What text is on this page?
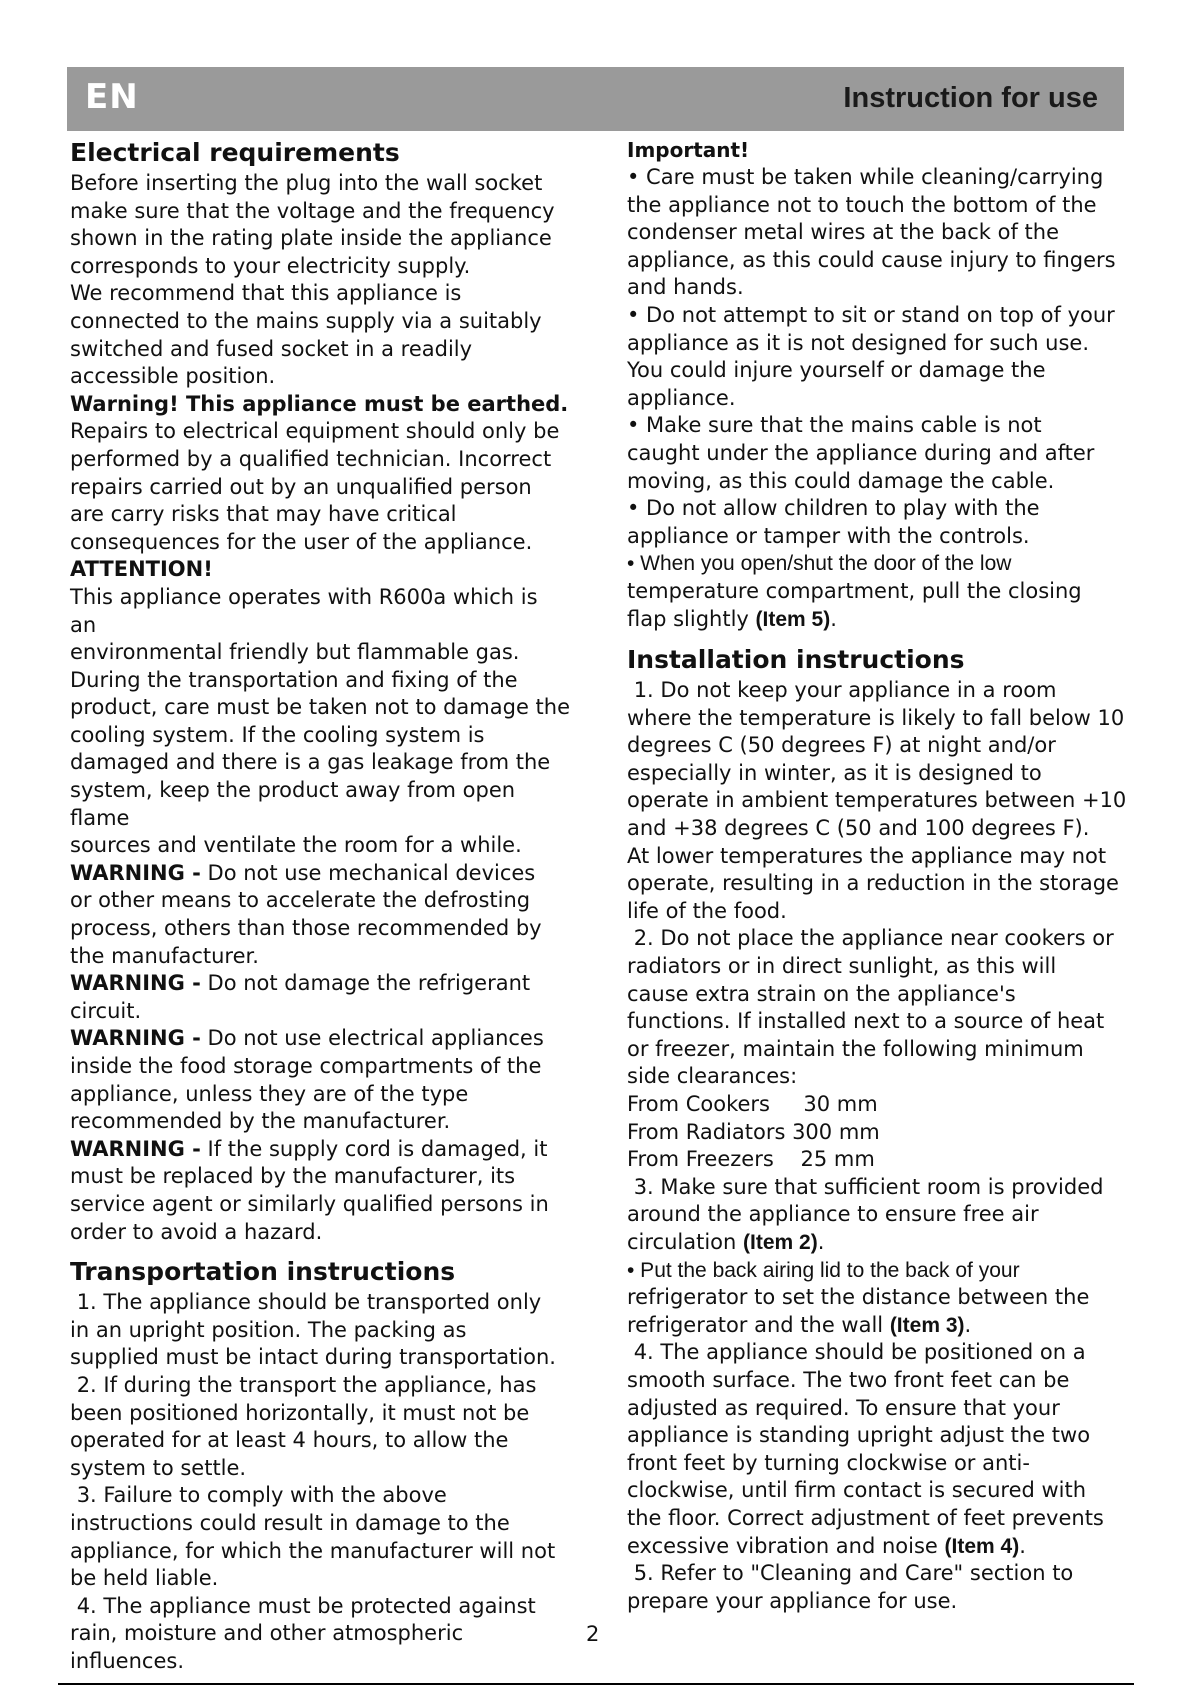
EN	Instruction for use
Electrical requirements

Before inserting the plug into the wall socket
make sure that the voltage and the frequency
shown in the rating plate inside the appliance
corresponds to your electricity supply.
We recommend that this appliance is
connected to the mains supply via a suitably
switched and fused socket in a readily
accessible position.

Warning! This appliance must be earthed.

Repairs to electrical equipment should only be
performed by a qualified technician. Incorrect
repairs carried out by an unqualified person
are carry risks that may have critical
consequences for the user of the appliance.

ATTENTION!

This appliance operates with R600a which is an
environmental friendly but flammable gas.
During the transportation and fixing of the
product, care must be taken not to damage the
cooling system. If the cooling system is
damaged and there is a gas leakage from the
system, keep the product away from open flame
sources and ventilate the room for a while.

WARNING - Do not use mechanical devices
or other means to accelerate the defrosting
process, others than those recommended by
the manufacturer.

WARNING - Do not damage the refrigerant
circuit.

WARNING - Do not use electrical appliances
inside the food storage compartments of the
appliance, unless they are of the type
recommended by the manufacturer.

WARNING - If the supply cord is damaged, it
must be replaced by the manufacturer, its
service agent or similarly qualified persons in
order to avoid a hazard.

Transportation instructions

1. The appliance should be transported only
in an upright position. The packing as
supplied must be intact during transportation.

2. If during the transport the appliance, has
been positioned horizontally, it must not be
operated for at least 4 hours, to allow the
system to settle.

3. Failure to comply with the above
instructions could result in damage to the
appliance, for which the manufacturer will not
be held liable.

4. The appliance must be protected against
rain, moisture and other atmospheric
influences.

Important!

• Care must be taken while cleaning/carrying
the appliance not to touch the bottom of the
condenser metal wires at the back of the
appliance, as this could cause injury to fingers
and hands.

• Do not attempt to sit or stand on top of your
appliance as it is not designed for such use.
You could injure yourself or damage the
appliance.

• Make sure that the mains cable is not
caught under the appliance during and after
moving, as this could damage the cable.

• Do not allow children to play with the
appliance or tamper with the controls.

• When you open/shut the door of the low
temperature compartment, pull the closing
flap slightly (Item 5).

Installation instructions

1. Do not keep your appliance in a room
where the temperature is likely to fall below 10
degrees C (50 degrees F) at night and/or
especially in winter, as it is designed to
operate in ambient temperatures between +10
and +38 degrees C (50 and 100 degrees F).
At lower temperatures the appliance may not
operate, resulting in a reduction in the storage
life of the food.

2. Do not place the appliance near cookers or
radiators or in direct sunlight, as this will
cause extra strain on the appliance's
functions. If installed next to a source of heat
or freezer, maintain the following minimum
side clearances:
From Cookers     30 mm
From Radiators 300 mm
From Freezers    25 mm

3. Make sure that sufficient room is provided
around the appliance to ensure free air
circulation (Item 2).

• Put the back airing lid to the back of your
refrigerator to set the distance between the
refrigerator and the wall (Item 3).

4. The appliance should be positioned on a
smooth surface. The two front feet can be
adjusted as required. To ensure that your
appliance is standing upright adjust the two
front feet by turning clockwise or anti-
clockwise, until firm contact is secured with
the floor. Correct adjustment of feet prevents
excessive vibration and noise (Item 4).

5. Refer to "Cleaning and Care" section to
prepare your appliance for use.

2
